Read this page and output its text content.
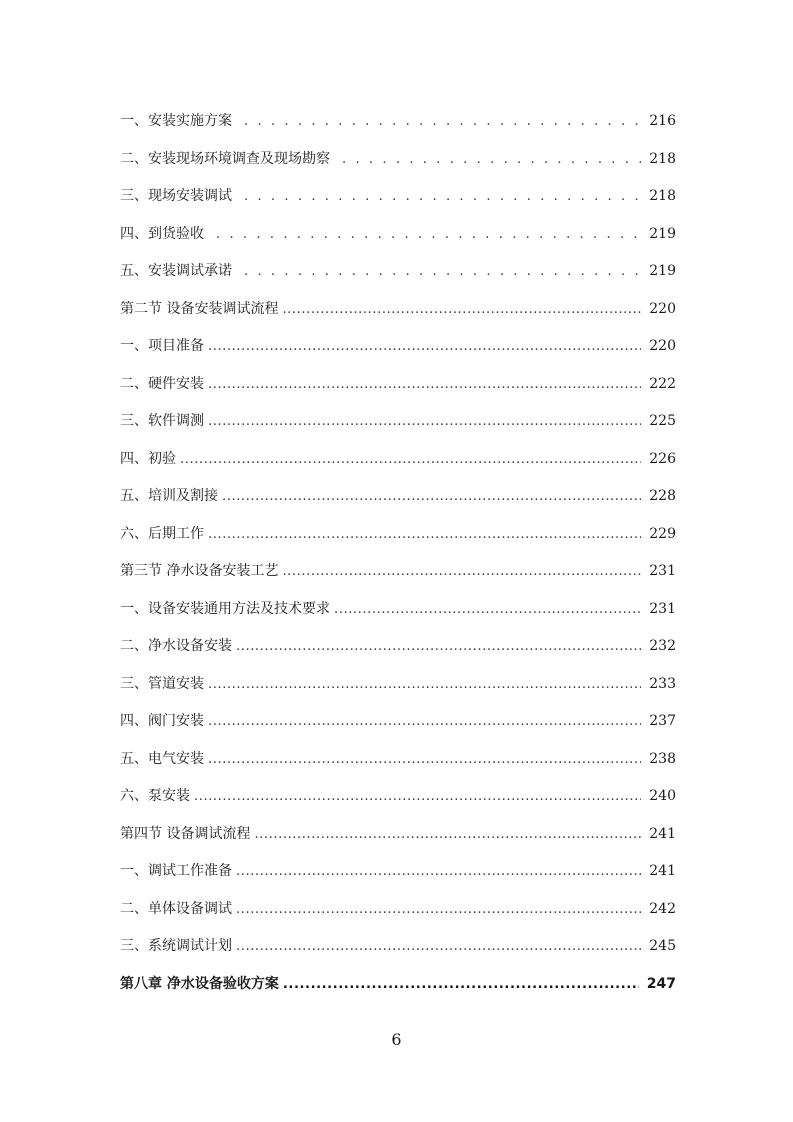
一、安装实施方案 . . .	216
二、安装现场环境调查及现场勘察 . . .	218
三、现场安装调试 . . .	218
四、到货验收 . . .	219
五、安装调试承诺 . . .	219
第二节 设备安装调试流程 .....	220
一、项目准备 .....	220
二、硬件安装 .....	222
三、软件调测 .....	225
四、初验 .....	226
五、培训及割接 .....	228
六、后期工作 .....	229
第三节 净水设备安装工艺 .....	231
一、设备安装通用方法及技术要求 .....	231
二、净水设备安装 .....	232
三、管道安装 .....	233
四、阀门安装 .....	237
五、电气安装 .....	238
六、泵安装 .....	240
第四节 设备调试流程 .....	241
一、调试工作准备 .....	241
二、单体设备调试 .....	242
三、系统调试计划 .....	245
第八章 净水设备验收方案 .....	247
6
